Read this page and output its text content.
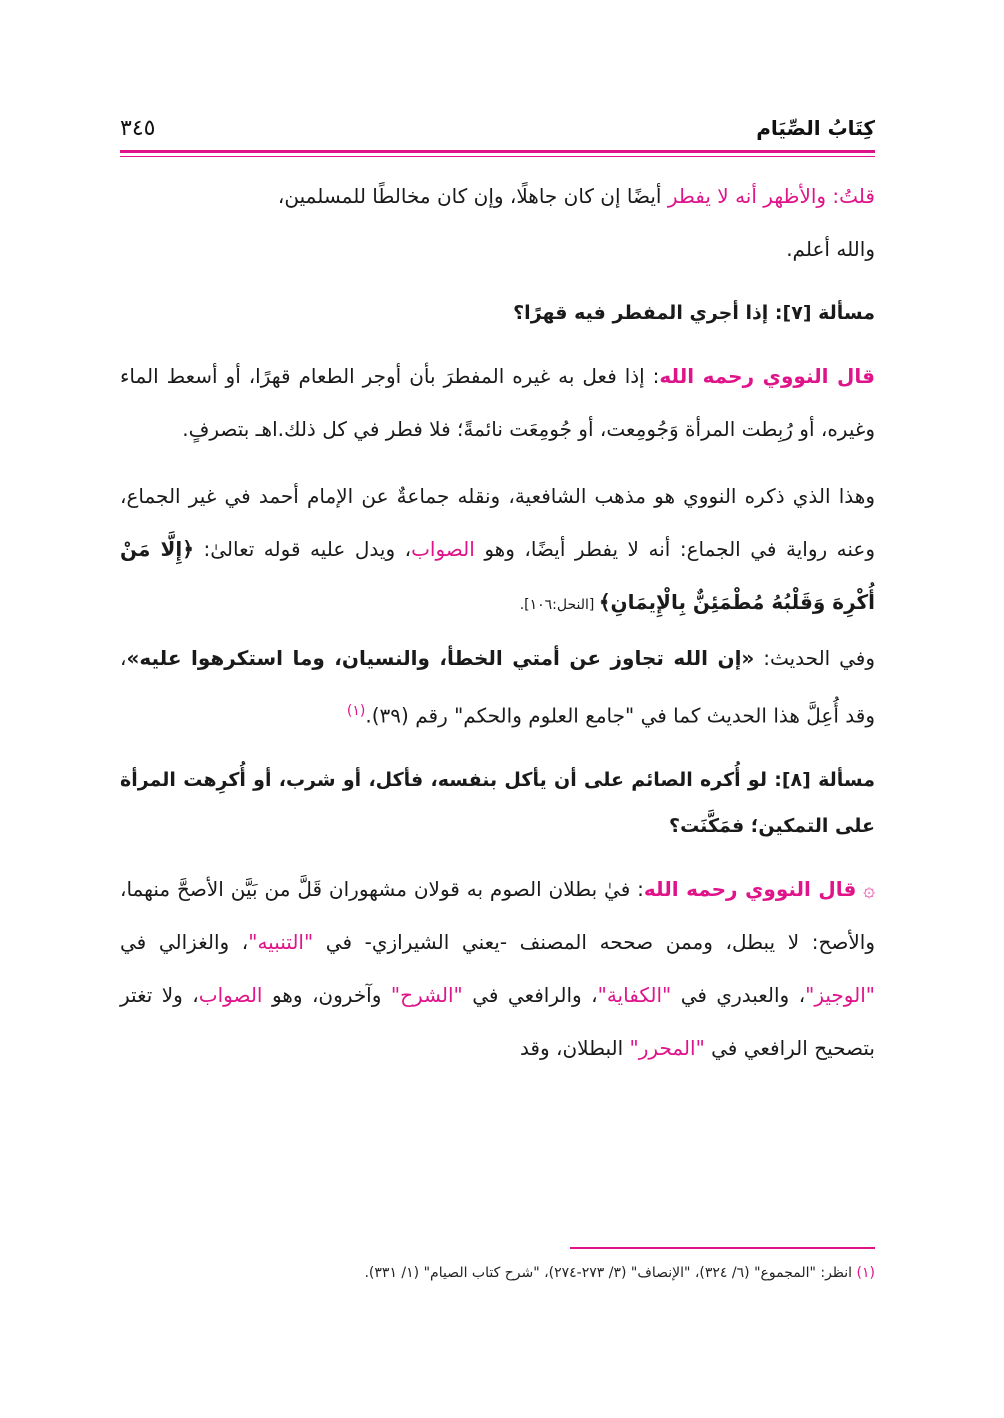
كِتَابُ الصِّيَام
٣٤٥

قلتُ: والأظهر أنه لا يفطر أيضًا إن كان جاهلًا، وإن كان مخالطًا للمسلمين،
والله أعلم.

مسألة [٧]: إذا أجري المفطر فيه قهرًا؟

قال النووي رحمه الله: إذا فعل به غيره المفطرَ بأن أوجر الطعام قهرًا، أو أسعط الماء وغيره، أو رُبِطت المرأة وَجُومِعت، أو جُومِعَت نائمةً؛ فلا فطر في كل ذلك.اهـ بتصرفٍ.

وهذا الذي ذكره النووي هو مذهب الشافعية، ونقله جماعةٌ عن الإمام أحمد في غير الجماع، وعنه رواية في الجماع: أنه لا يفطر أيضًا، وهو الصواب، ويدل عليه قوله تعالىٰ: ﴿إِلَّا مَنْ أُكْرِهَ وَقَلْبُهُ مُطْمَئِنٌّ بِالْإِيمَانِ﴾ [النحل:١٠٦].

وفي الحديث: «إن الله تجاوز عن أمتي الخطأ، والنسيان، وما استكرهوا عليه»، وقد أُعِلَّ هذا الحديث كما في "جامع العلوم والحكم" رقم (٣٩).$^{(١)}$

مسألة [٨]: لو أُكره الصائم على أن يأكل بنفسه، فأكل، أو شرب، أو أُكرِهت المرأة على التمكين؛ فمَكَّنَت؟

۞ قال النووي رحمه الله: فيٰ بطلان الصوم به قولان مشهوران قَلَّ من بَيَّن الأصحَّ منهما، والأصح: لا يبطل، وممن صححه المصنف -يعني الشيرازي- في "التنبيه"، والغزالي في "الوجيز"، والعبدري في "الكفاية"، والرافعي في "الشرح" وآخرون، وهو الصواب، ولا تغتر بتصحيح الرافعي في "المحرر" البطلان، وقد

(١) انظر: "المجموع" (٦/ ٣٢٤)، "الإنصاف" (٣/ ٢٧٣-٢٧٤)، "شرح كتاب الصيام" (١/ ٣٣١).
